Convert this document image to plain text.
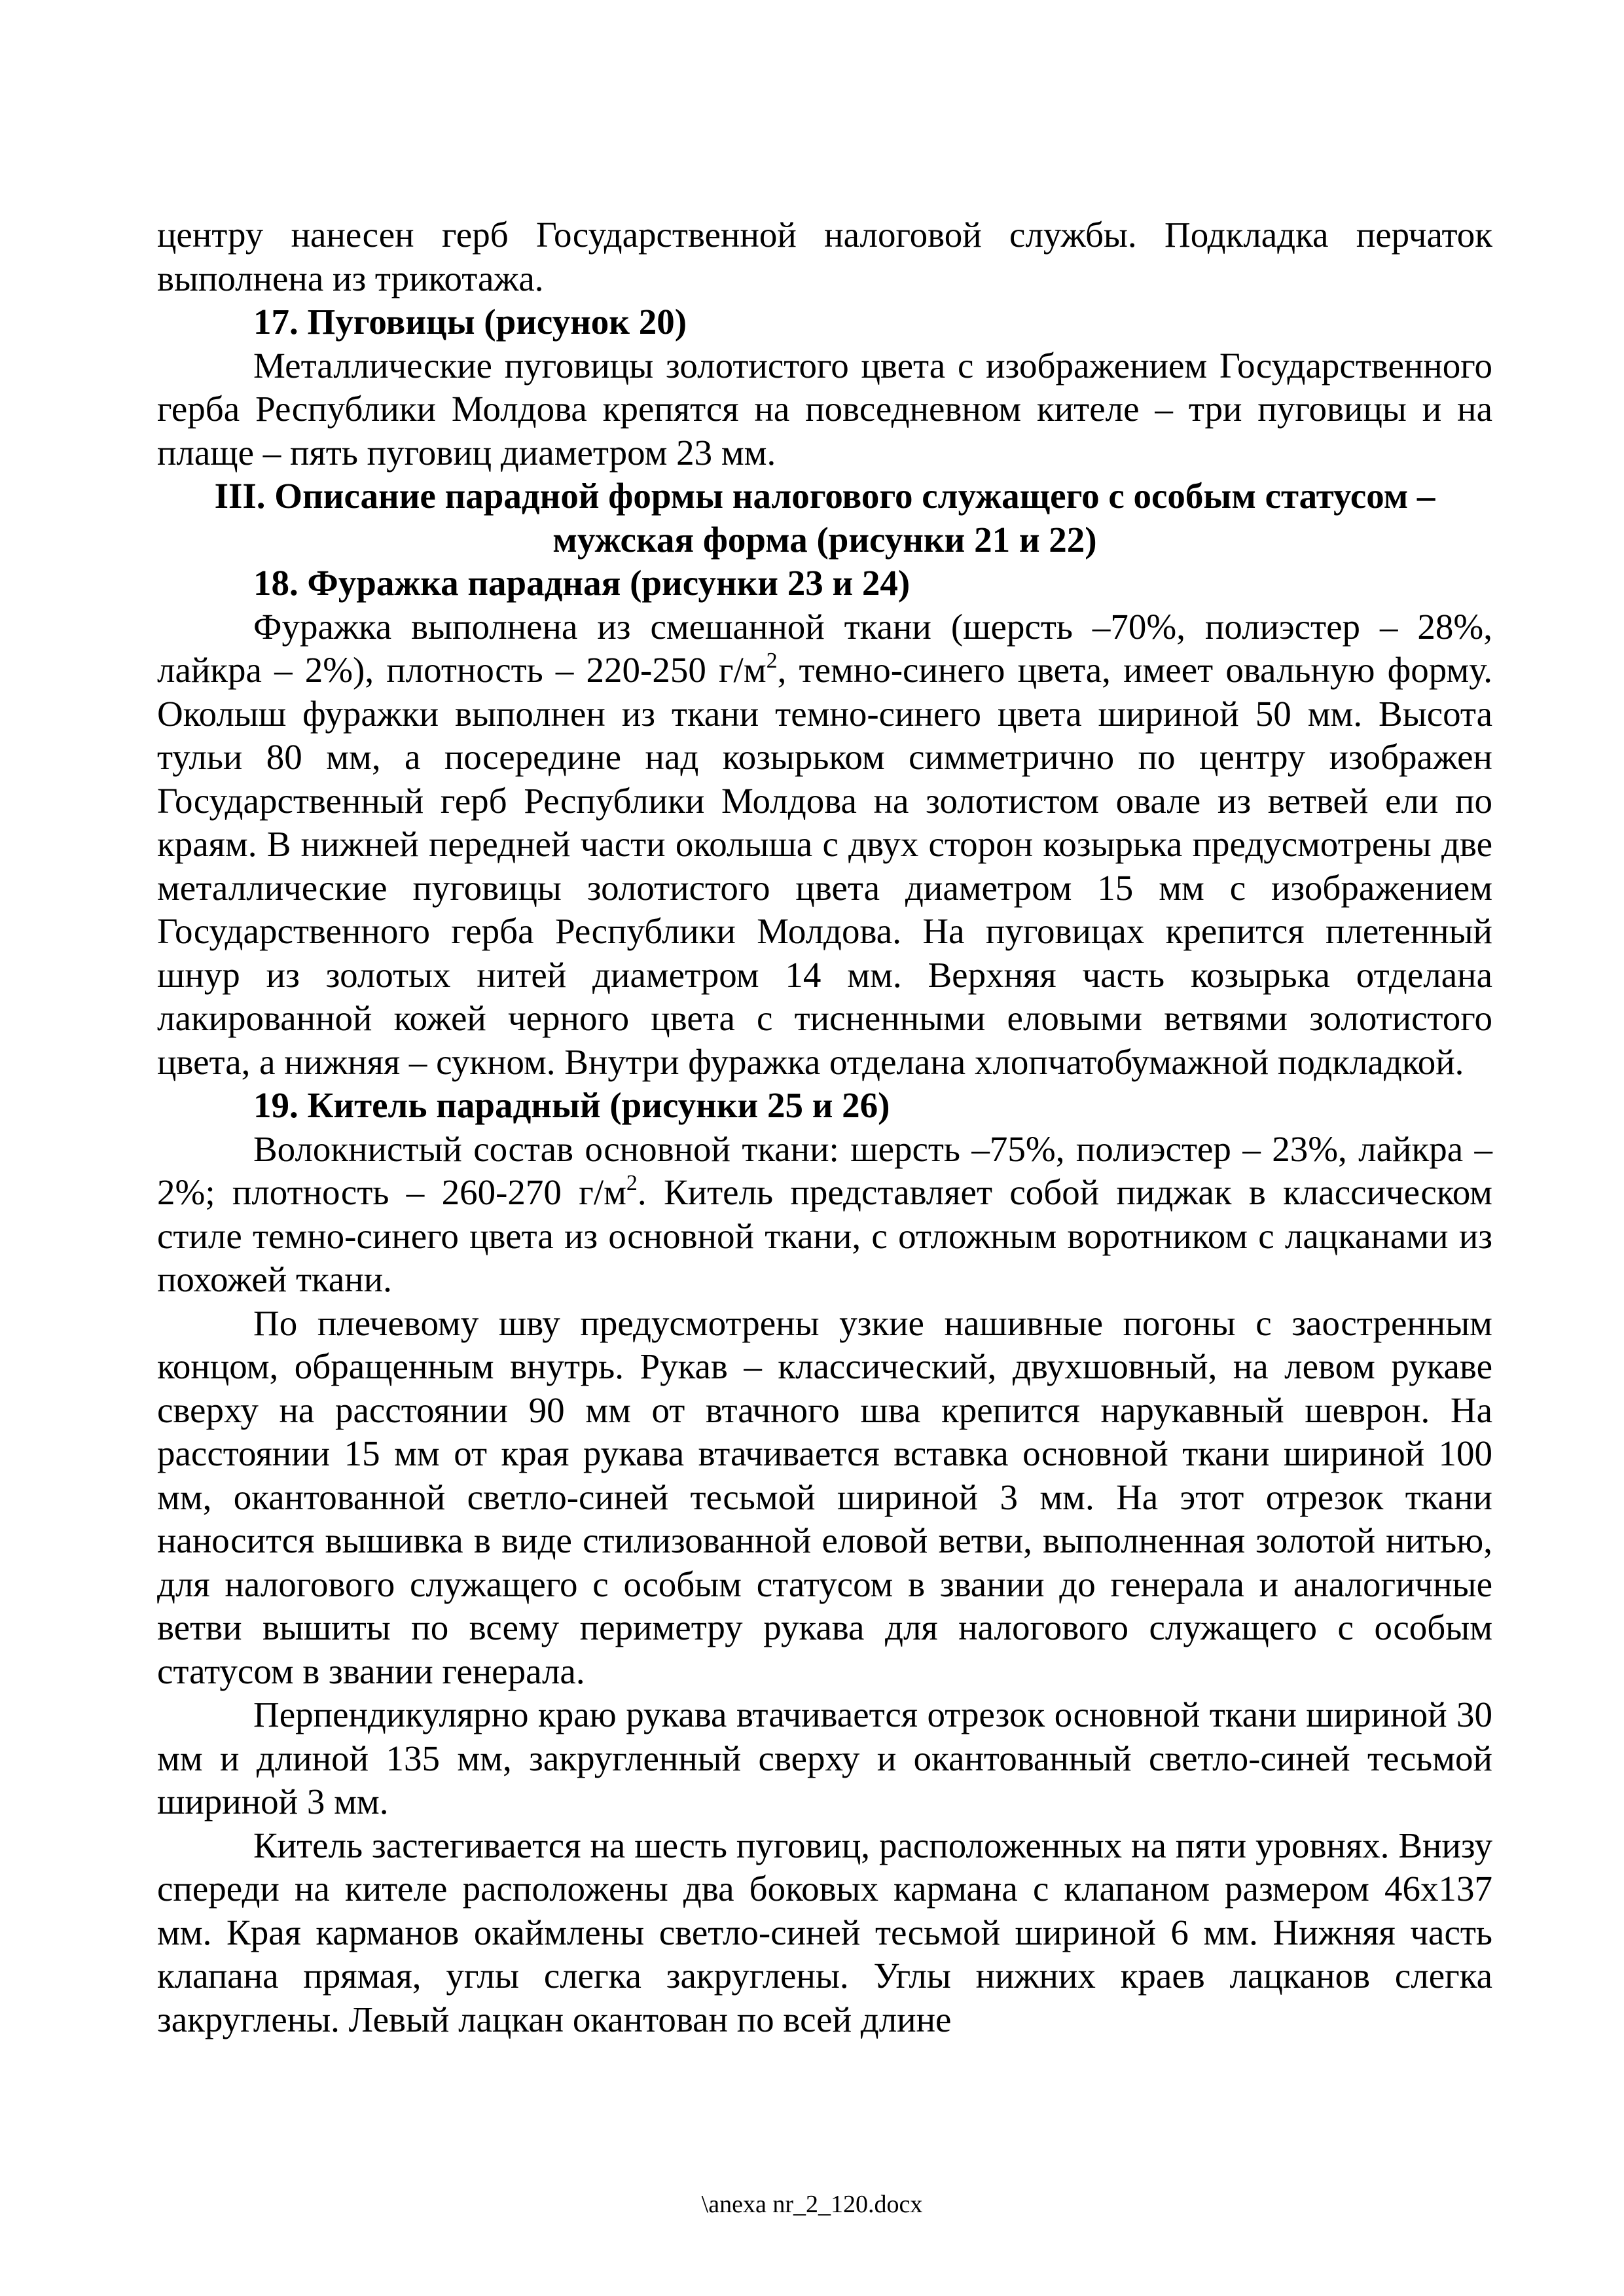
центру нанесен герб Государственной налоговой службы. Подкладка перчаток выполнена из трикотажа.

17. Пуговицы (рисунок 20)

Металлические пуговицы золотистого цвета с изображением Государственного герба Республики Молдова крепятся на повседневном кителе – три пуговицы и на плаще – пять пуговиц диаметром 23 мм.

III. Описание парадной формы налогового служащего с особым статусом – мужская форма (рисунки 21 и 22)

18. Фуражка парадная (рисунки 23 и 24)

Фуражка выполнена из смешанной ткани (шерсть –70%, полиэстер – 28%, лайкра – 2%), плотность – 220-250 $г/м^2$, темно-синего цвета, имеет овальную форму. Околыш фуражки выполнен из ткани темно-синего цвета шириной 50 мм. Высота тульи 80 мм, а посередине над козырьком симметрично по центру изображен Государственный герб Республики Молдова на золотистом овале из ветвей ели по краям. В нижней передней части околыша с двух сторон козырька предусмотрены две металлические пуговицы золотистого цвета диаметром 15 мм с изображением Государственного герба Республики Молдова. На пуговицах крепится плетенный шнур из золотых нитей диаметром 14 мм. Верхняя часть козырька отделана лакированной кожей черного цвета с тисненными еловыми ветвями золотистого цвета, а нижняя – сукном. Внутри фуражка отделана хлопчатобумажной подкладкой.

19. Китель парадный (рисунки 25 и 26)

Волокнистый состав основной ткани: шерсть –75%, полиэстер – 23%, лайкра – 2%; плотность – 260-270 $г/м^2$. Китель представляет собой пиджак в классическом стиле темно-синего цвета из основной ткани, с отложным воротником с лацканами из похожей ткани.

По плечевому шву предусмотрены узкие нашивные погоны с заостренным концом, обращенным внутрь. Рукав – классический, двухшовный, на левом рукаве сверху на расстоянии 90 мм от втачного шва крепится нарукавный шеврон. На расстоянии 15 мм от края рукава втачивается вставка основной ткани шириной 100 мм, окантованной светло-синей тесьмой шириной 3 мм. На этот отрезок ткани наносится вышивка в виде стилизованной еловой ветви, выполненная золотой нитью, для налогового служащего с особым статусом в звании до генерала и аналогичные ветви вышиты по всему периметру рукава для налогового служащего с особым статусом в звании генерала.

Перпендикулярно краю рукава втачивается отрезок основной ткани шириной 30 мм и длиной 135 мм, закругленный сверху и окантованный светло-синей тесьмой шириной 3 мм.

Китель застегивается на шесть пуговиц, расположенных на пяти уровнях. Внизу спереди на кителе расположены два боковых кармана с клапаном размером 46х137 мм. Края карманов окаймлены светло-синей тесьмой шириной 6 мм. Нижняя часть клапана прямая, углы слегка закруглены. Углы нижних краев лацканов слегка закруглены. Левый лацкан окантован по всей длине

\anexa nr_2_120.docx
